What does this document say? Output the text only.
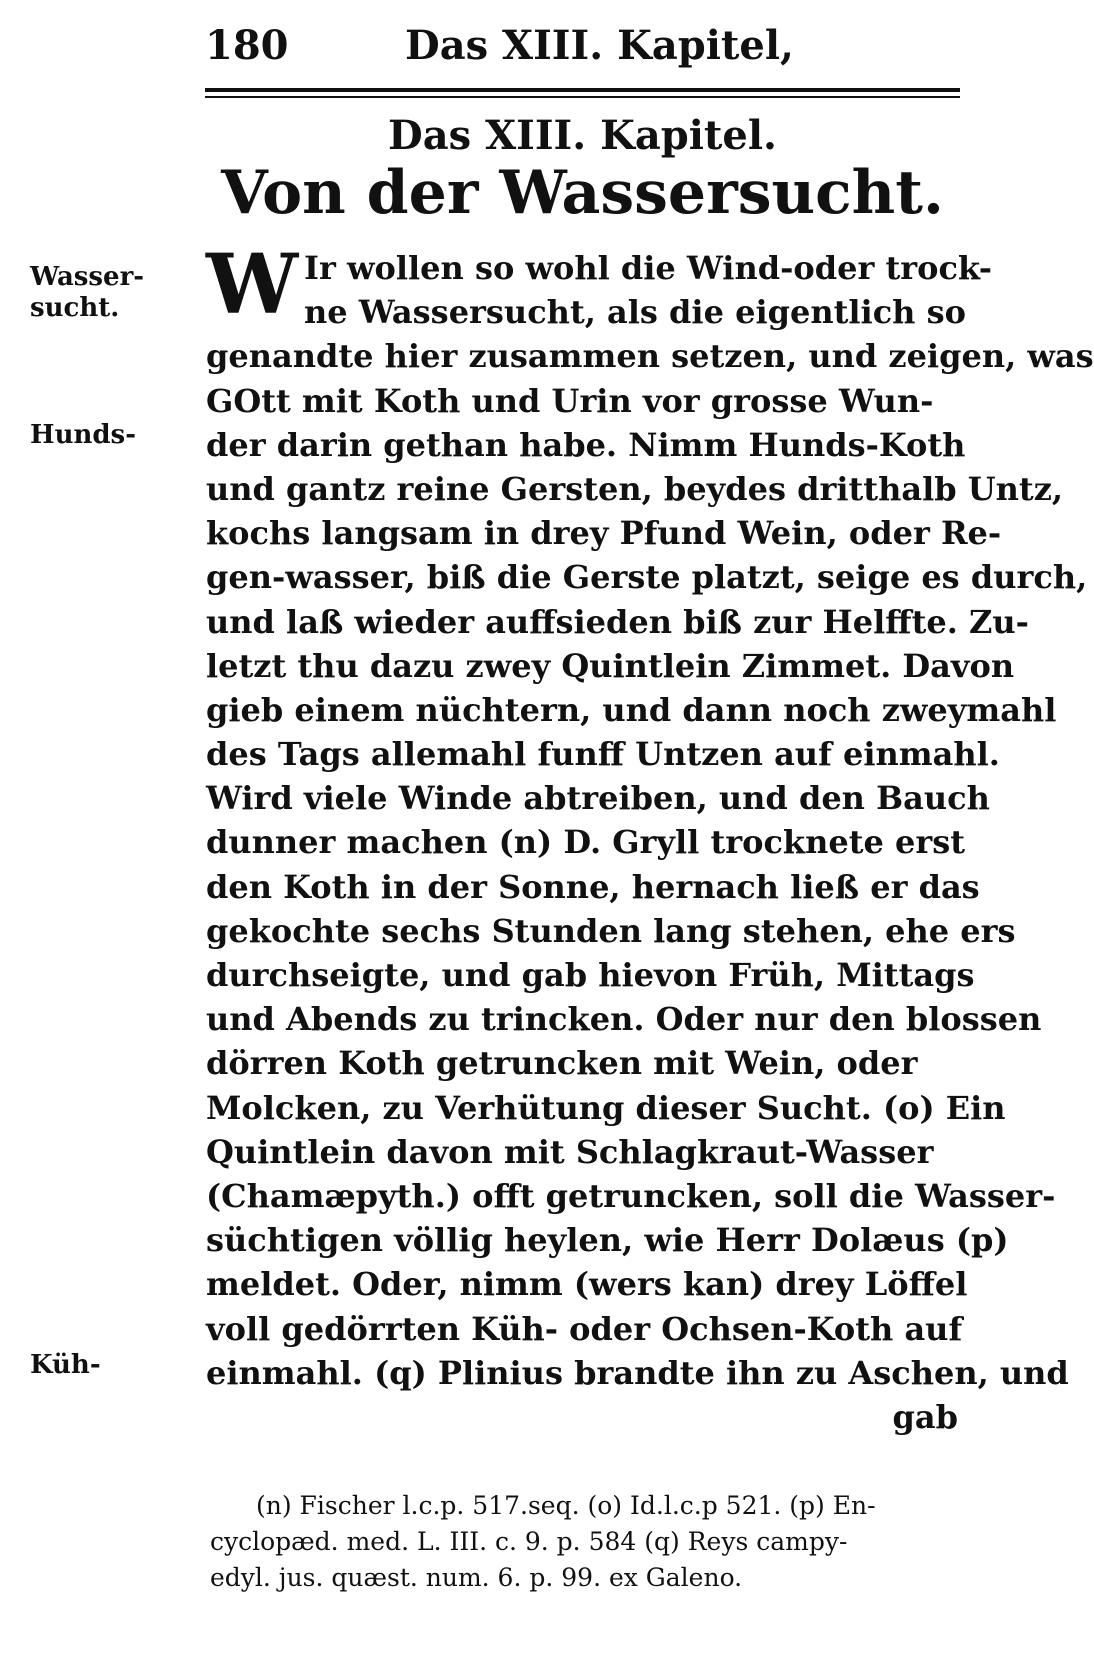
180	Das XIII. Kapitel,
Das XIII. Kapitel.
Von der Wassersucht.
W Ir wollen so wohl die Wind-oder trock-
ne Wassersucht, als die eigentlich so
genandte hier zusammen setzen, und zeigen, was
GOtt mit Koth und Urin vor grosse Wun-
der darin gethan habe. Nimm Hunds-Koth
und gantz reine Gersten, beydes dritthalb Untz,
kochs langsam in drey Pfund Wein, oder Re-
gen-wasser, biß die Gerste platzt, seige es durch,
und laß wieder auffsieden biß zur Helffte. Zu-
letzt thu dazu zwey Quintlein Zimmet. Davon
gieb einem nüchtern, und dann noch zweymahl
des Tags allemahl funff Untzen auf einmahl.
Wird viele Winde abtreiben, und den Bauch
dunner machen (n) D. Gryll trocknete erst
den Koth in der Sonne, hernach ließ er das
gekochte sechs Stunden lang stehen, ehe ers
durchseigte, und gab hievon Früh, Mittags
und Abends zu trincken. Oder nur den blossen
dörren Koth getruncken mit Wein, oder
Molcken, zu Verhütung dieser Sucht. (o) Ein
Quintlein davon mit Schlagkraut-Wasser
(Chamæpyth.) offt getruncken, soll die Wasser-
süchtigen völlig heylen, wie Herr Dolæus (p)
meldet. Oder, nimm (wers kan) drey Löffel
voll gedörrten Küh- oder Ochsen-Koth auf
einmahl. (q) Plinius brandte ihn zu Aschen, und
gab
Wasser-
sucht.
Hunds-
Küh-
(n) Fischer l.c.p. 517.seq. (o) Id.l.c.p 521. (p) En-
cyclopæd. med. L. III. c. 9. p. 584 (q) Reys campy-
edyl. jus. quæst. num. 6. p. 99. ex Galeno.
